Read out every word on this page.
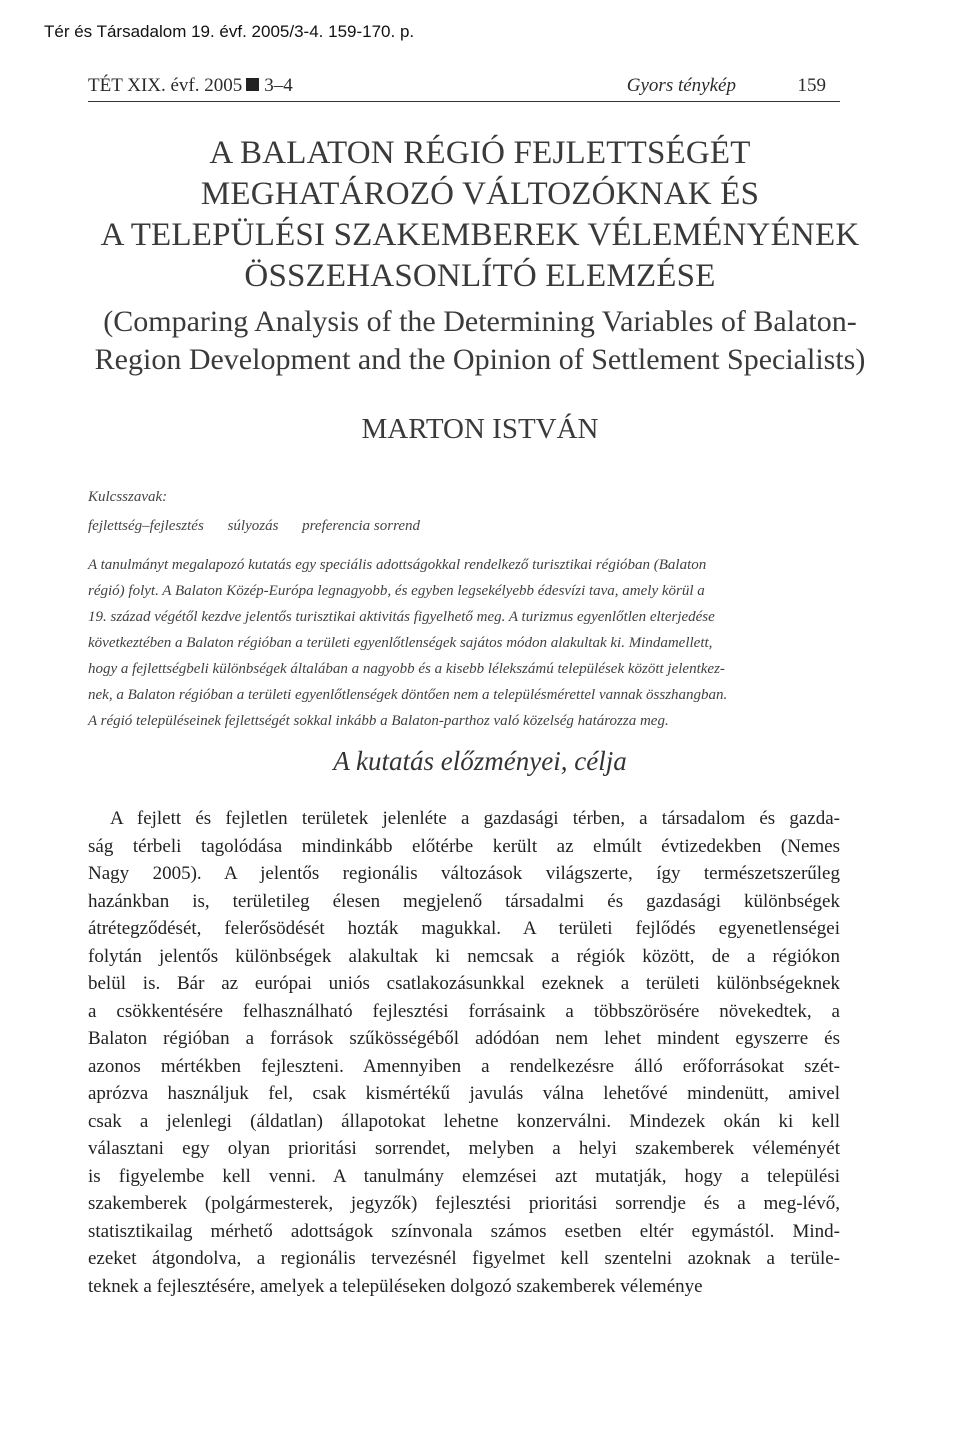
Tér és Társadalom 19. évf. 2005/3-4. 159-170. p.
TÉT XIX. évf. 2005 3–4	Gyors ténykép	159
A BALATON RÉGIÓ FEJLETTSÉGÉT
MEGHATÁROZÓ VÁLTOZÓKNAK ÉS
A TELEPÜLÉSI SZAKEMBEREK VÉLEMÉNYÉNEK
ÖSSZEHASONLÍTÓ ELEMZÉSE
(Comparing Analysis of the Determining Variables of Balaton-
Region Development and the Opinion of Settlement Specialists)
MARTON ISTVÁN
Kulcsszavak:
fejlettség–fejlesztés súlyozás preferencia sorrend
A tanulmányt megalapozó kutatás egy speciális adottságokkal rendelkező turisztikai régióban (Balaton
régió) folyt. A Balaton Közép-Európa legnagyobb, és egyben legsekélyebb édesvízi tava, amely körül a
19. század végétől kezdve jelentős turisztikai aktivitás figyelhető meg. A turizmus egyenlőtlen elterjedése
következtében a Balaton régióban a területi egyenlőtlenségek sajátos módon alakultak ki. Mindamellett,
hogy a fejlettségbeli különbségek általában a nagyobb és a kisebb lélekszámú települések között jelentkez-
nek, a Balaton régióban a területi egyenlőtlenségek döntően nem a településmérettel vannak összhangban.
A régió településeinek fejlettségét sokkal inkább a Balaton-parthoz való közelség határozza meg.
A kutatás előzményei, célja
A fejlett és fejletlen területek jelenléte a gazdasági térben, a társadalom és gazda-
ság térbeli tagolódása mindinkább előtérbe került az elmúlt évtizedekben (Nemes
Nagy 2005). A jelentős regionális változások világszerte, így természetszerűleg
hazánkban is, területileg élesen megjelenő társadalmi és gazdasági különbségek
átrétegződését, felerősödését hozták magukkal. A területi fejlődés egyenetlenségei
folytán jelentős különbségek alakultak ki nemcsak a régiók között, de a régiókon
belül is. Bár az európai uniós csatlakozásunkkal ezeknek a területi különbségeknek
a csökkentésére felhasználható fejlesztési forrásaink a többszörösére növekedtek, a
Balaton régióban a források szűkösségéből adódóan nem lehet mindent egyszerre és
azonos mértékben fejleszteni. Amennyiben a rendelkezésre álló erőforrásokat szét-
aprózva használjuk fel, csak kismértékű javulás válna lehetővé mindenütt, amivel
csak a jelenlegi (áldatlan) állapotokat lehetne konzerválni. Mindezek okán ki kell
választani egy olyan prioritási sorrendet, melyben a helyi szakemberek véleményét
is figyelembe kell venni. A tanulmány elemzései azt mutatják, hogy a települési
szakemberek (polgármesterek, jegyzők) fejlesztési prioritási sorrendje és a meg-lévő,
statisztikailag mérhető adottságok színvonala számos esetben eltér egymástól. Mind-
ezeket átgondolva, a regionális tervezésnél figyelmet kell szentelni azoknak a terüle-
teknek a fejlesztésére, amelyek a településeken dolgozó szakemberek véleménye
